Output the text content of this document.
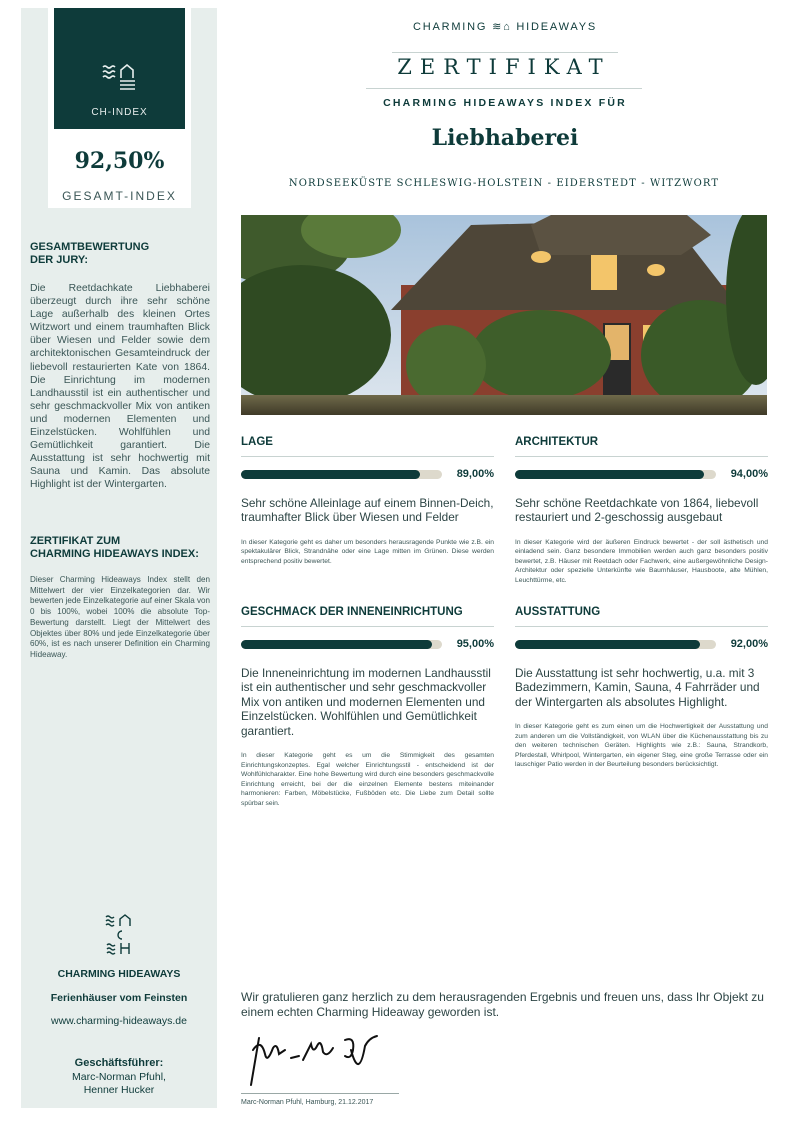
CH-INDEX
92,50%
GESAMT-INDEX
GESAMTBEWERTUNG
DER JURY:
Die Reetdachkate Liebhaberei überzeugt durch ihre sehr schöne Lage außerhalb des kleinen Ortes Witzwort und einem traumhaften Blick über Wiesen und Felder sowie dem architektonischen Gesamteindruck der liebevoll restaurierten Kate von 1864. Die Einrichtung im modernen Landhausstil ist ein authentischer und sehr geschmackvoller Mix von antiken und modernen Elementen und Einzelstücken. Wohlfühlen und Gemütlichkeit garantiert. Die Ausstattung ist sehr hochwertig mit Sauna und Kamin. Das absolute Highlight ist der Wintergarten.
ZERTIFIKAT ZUM
CHARMING HIDEAWAYS INDEX:
Dieser Charming Hideaways Index stellt den Mittelwert der vier Einzelkategorien dar. Wir bewerten jede Einzelkategorie auf einer Skala von 0 bis 100%, wobei 100% die absolute Top-Bewertung darstellt. Liegt der Mittelwert des Objektes über 80% und jede Einzelkategorie über 60%, ist es nach unserer Definition ein Charming Hideaway.
CHARMING HIDEAWAYS
Ferienhäuser vom Feinsten
www.charming-hideaways.de
Geschäftsführer:
Marc-Norman Pfuhl,
Henner Hucker
CHARMING ≋⌂ HIDEAWAYS
ZERTIFIKAT
CHARMING HIDEAWAYS INDEX FÜR
Liebhaberei
NORDSEEKÜSTE SCHLESWIG-HOLSTEIN - EIDERSTEDT - WITZWORT
LAGE
89,00%
Sehr schöne Alleinlage auf einem Binnen-Deich, traumhafter Blick über Wiesen und Felder
In dieser Kategorie geht es daher um besonders herausragende Punkte wie z.B. ein spektakulärer Blick, Strandnähe oder eine Lage mitten im Grünen. Diese werden entsprechend positiv bewertet.
ARCHITEKTUR
94,00%
Sehr schöne Reetdachkate von 1864, liebevoll restauriert und 2-geschossig ausgebaut
In dieser Kategorie wird der äußeren Eindruck bewertet - der soll ästhetisch und einladend sein. Ganz besondere Immobilien werden auch ganz besonders positiv bewertet, z.B. Häuser mit Reetdach oder Fachwerk, eine außergewöhnliche Design-Architektur oder spezielle Unterkünfte wie Baumhäuser, Hausboote, alte Mühlen, Leuchttürme, etc.
GESCHMACK DER INNENEINRICHTUNG
95,00%
Die Inneneinrichtung im modernen Landhausstil ist ein authentischer und sehr geschmackvoller Mix von antiken und modernen Elementen und Einzelstücken. Wohlfühlen und Gemütlichkeit garantiert.
In dieser Kategorie geht es um die Stimmigkeit des gesamten Einrichtungskonzeptes. Egal welcher Einrichtungsstil - entscheidend ist der Wohlfühlcharakter. Eine hohe Bewertung wird durch eine besonders geschmackvolle Einrichtung erreicht, bei der die einzelnen Elemente bestens miteinander harmonieren: Farben, Möbelstücke, Fußböden etc. Die Liebe zum Detail sollte spürbar sein.
AUSSTATTUNG
92,00%
Die Ausstattung ist sehr hochwertig, u.a. mit 3 Badezimmern, Kamin, Sauna, 4 Fahrräder und der Wintergarten als absolutes Highlight.
In dieser Kategorie geht es zum einen um die Hochwertigkeit der Ausstattung und zum anderen um die Vollständigkeit, von WLAN über die Küchenausstattung bis zu den weiteren technischen Geräten. Highlights wie z.B.: Sauna, Strandkorb, Pferdestall, Whirlpool, Wintergarten, ein eigener Steg, eine große Terrasse oder ein lauschiger Patio werden in der Beurteilung besonders berücksichtigt.
Wir gratulieren ganz herzlich zu dem herausragenden Ergebnis und freuen uns, dass Ihr Objekt zu einem echten Charming Hideaway geworden ist.
Marc-Norman Pfuhl, Hamburg, 21.12.2017
